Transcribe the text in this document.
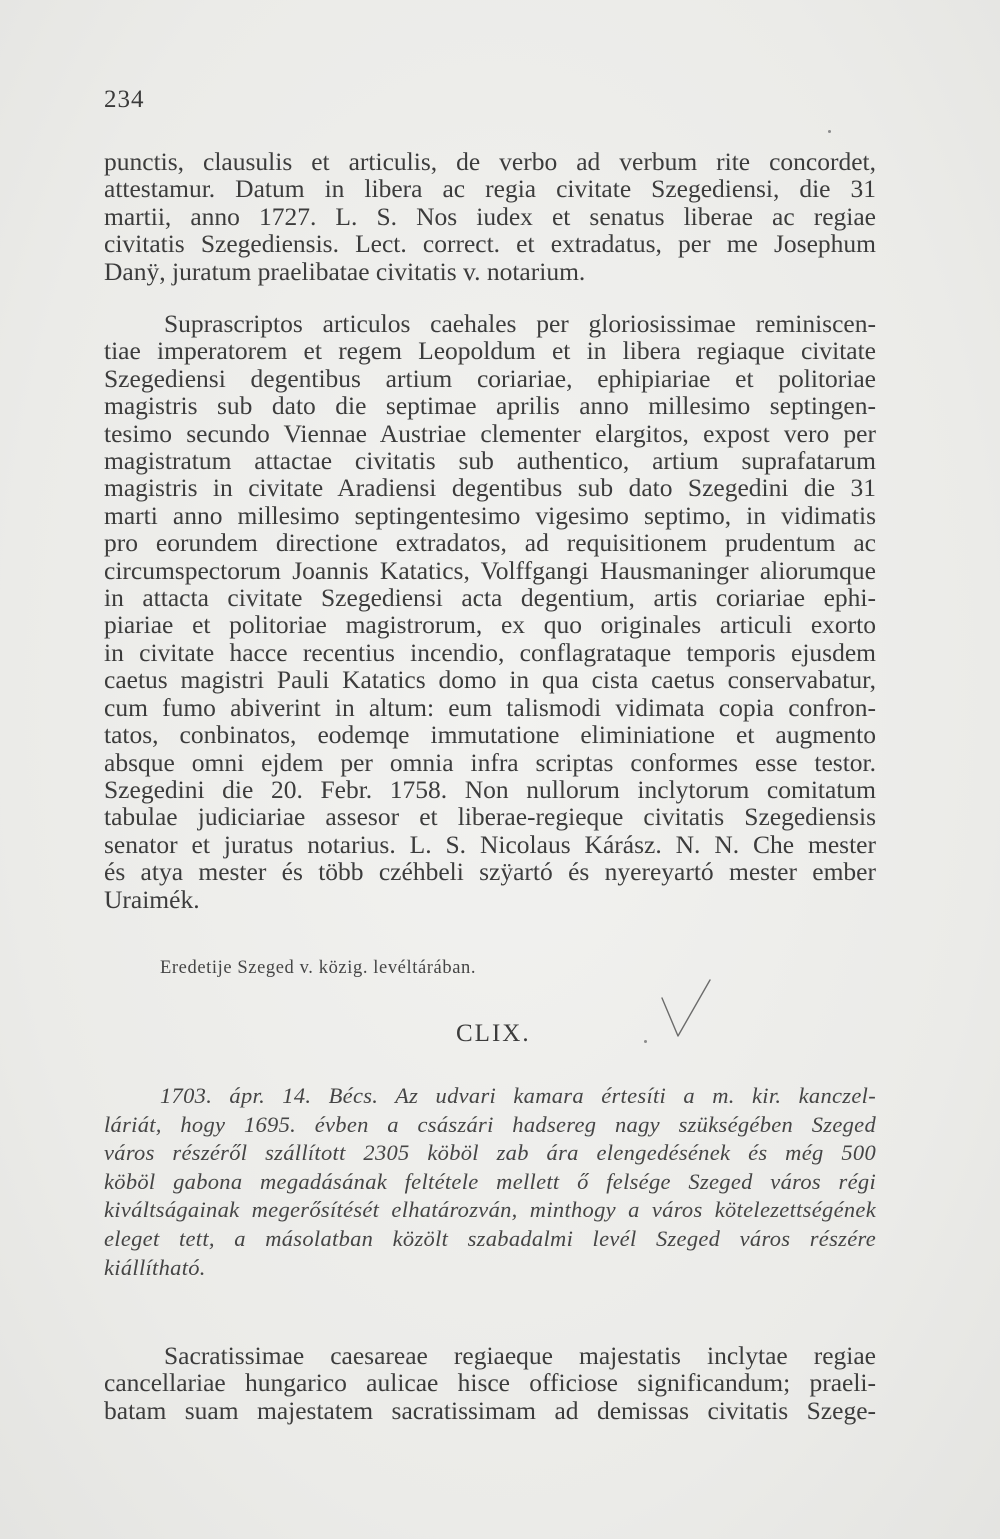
234
punctis, clausulis et articulis, de verbo ad verbum rite concordet,
attestamur. Datum in libera ac regia civitate Szegediensi, die 31
martii, anno 1727. L. S. Nos iudex et senatus liberae ac regiae
civitatis Szegediensis. Lect. correct. et extradatus, per me Josephum
Danÿ, juratum praelibatae civitatis v. notarium.
Suprascriptos articulos caehales per gloriosissimae reminiscen-
tiae imperatorem et regem Leopoldum et in libera regiaque civitate
Szegediensi degentibus artium coriariae, ephipiariae et politoriae
magistris sub dato die septimae aprilis anno millesimo septingen-
tesimo secundo Viennae Austriae clementer elargitos, expost vero per
magistratum attactae civitatis sub authentico, artium suprafatarum
magistris in civitate Aradiensi degentibus sub dato Szegedini die 31
marti anno millesimo septingentesimo vigesimo septimo, in vidimatis
pro eorundem directione extradatos, ad requisitionem prudentum ac
circumspectorum Joannis Katatics, Volffgangi Hausmaninger aliorumque
in attacta civitate Szegediensi acta degentium, artis coriariae ephi-
piariae et politoriae magistrorum, ex quo originales articuli exorto
in civitate hacce recentius incendio, conflagrataque temporis ejusdem
caetus magistri Pauli Katatics domo in qua cista caetus conservabatur,
cum fumo abiverint in altum: eum talismodi vidimata copia confron-
tatos, conbinatos, eodemqe immutatione eliminiatione et augmento
absque omni ejdem per omnia infra scriptas conformes esse testor.
Szegedini die 20. Febr. 1758. Non nullorum inclytorum comitatum
tabulae judiciariae assesor et liberae-regieque civitatis Szegediensis
senator et juratus notarius. L. S. Nicolaus Kárász. N. N. Che mester
és atya mester és több czéhbeli szÿartó és nyereyartó mester ember
Uraimék.
Eredetije Szeged v. közig. levéltárában.
CLIX.
1703. ápr. 14. Bécs. Az udvari kamara értesíti a m. kir. kanczel-
láriát, hogy 1695. évben a császári hadsereg nagy szükségében Szeged
város részéről szállított 2305 köböl zab ára elengedésének és még 500
köböl gabona megadásának feltétele mellett ő felsége Szeged város régi
kiváltságainak megerősítését elhatározván, minthogy a város kötelezettségének
eleget tett, a másolatban közölt szabadalmi levél Szeged város részére
kiállítható.
Sacratissimae caesareae regiaeque majestatis inclytae regiae
cancellariae hungarico aulicae hisce officiose significandum; praeli-
batam suam majestatem sacratissimam ad demissas civitatis Szege-
